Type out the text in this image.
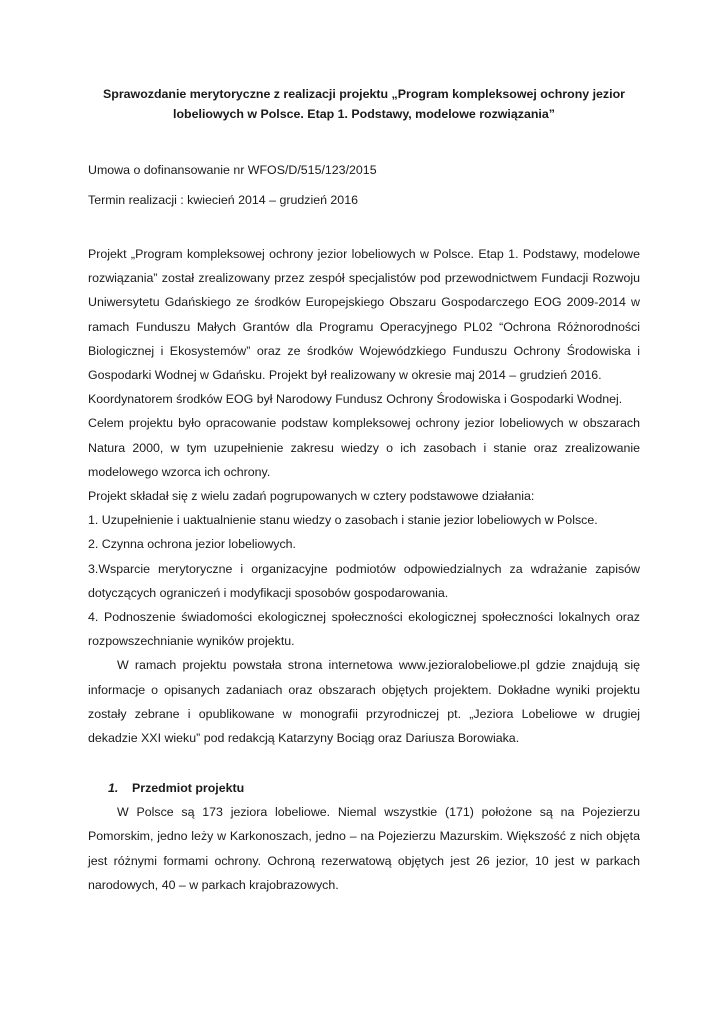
Sprawozdanie merytoryczne z realizacji projektu „Program kompleksowej ochrony jezior
lobeliowych w Polsce. Etap 1. Podstawy, modelowe rozwiązania”

Umowa o dofinansowanie nr WFOS/D/515/123/2015

Termin realizacji : kwiecień 2014 – grudzień 2016

Projekt „Program kompleksowej ochrony jezior lobeliowych w Polsce. Etap 1. Podstawy, modelowe rozwiązania” został zrealizowany przez zespół specjalistów pod przewodnictwem Fundacji Rozwoju Uniwersytetu Gdańskiego ze środków Europejskiego Obszaru Gospodarczego EOG 2009-2014 w ramach Funduszu Małych Grantów dla Programu Operacyjnego PL02 “Ochrona Różnorodności Biologicznej i Ekosystemów” oraz ze środków Wojewódzkiego Funduszu Ochrony Środowiska i Gospodarki Wodnej w Gdańsku. Projekt był realizowany w okresie maj 2014 – grudzień 2016.

Koordynatorem środków EOG był Narodowy Fundusz Ochrony Środowiska i Gospodarki Wodnej.

Celem projektu było opracowanie podstaw kompleksowej ochrony jezior lobeliowych w obszarach Natura 2000, w tym uzupełnienie zakresu wiedzy o ich zasobach i stanie oraz zrealizowanie modelowego wzorca ich ochrony.

Projekt składał się z wielu zadań pogrupowanych w cztery podstawowe działania:

1. Uzupełnienie i uaktualnienie stanu wiedzy o zasobach i stanie jezior lobeliowych w Polsce.

2. Czynna ochrona jezior lobeliowych.

3.Wsparcie merytoryczne i organizacyjne podmiotów odpowiedzialnych za wdrażanie zapisów dotyczących ograniczeń i modyfikacji sposobów gospodarowania.

4. Podnoszenie świadomości ekologicznej społeczności ekologicznej społeczności lokalnych oraz rozpowszechnianie wyników projektu.

W ramach projektu powstała strona internetowa www.jezioralobeliowe.pl gdzie znajdują się informacje o opisanych zadaniach oraz obszarach objętych projektem. Dokładne wyniki projektu zostały zebrane i opublikowane w monografii przyrodniczej pt. „Jeziora Lobeliowe w drugiej dekadzie XXI wieku” pod redakcją Katarzyny Bociąg oraz Dariusza Borowiaka.

1. Przedmiot projektu

W Polsce są 173 jeziora lobeliowe. Niemal wszystkie (171) położone są na Pojezierzu Pomorskim, jedno leży w Karkonoszach, jedno – na Pojezierzu Mazurskim. Większość z nich objęta jest różnymi formami ochrony. Ochroną rezerwatową objętych jest 26 jezior, 10 jest w parkach narodowych, 40 – w parkach krajobrazowych.
